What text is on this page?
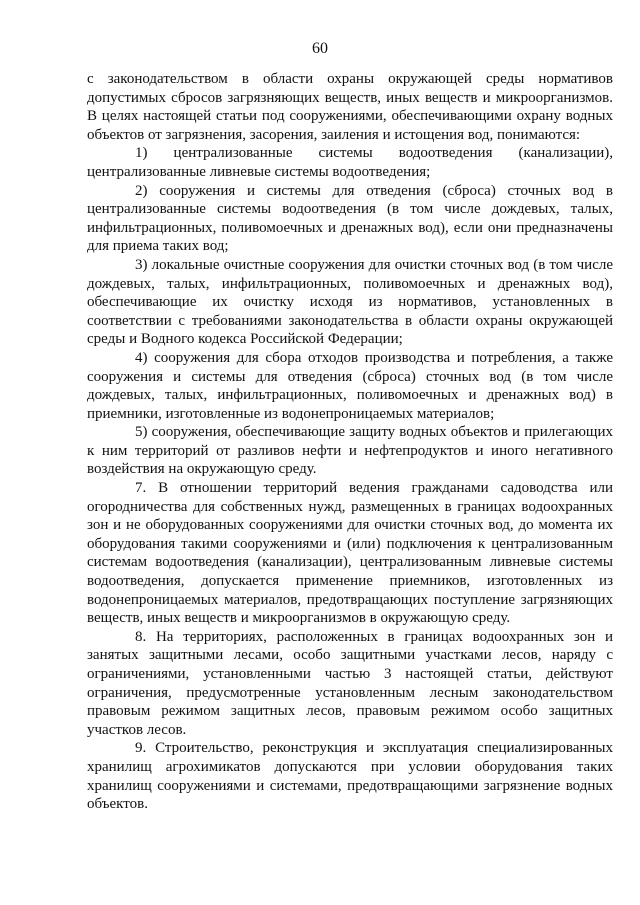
60

с законодательством в области охраны окружающей среды нормативов допустимых сбросов загрязняющих веществ, иных веществ и микроорганизмов. В целях настоящей статьи под сооружениями, обеспечивающими охрану водных объектов от загрязнения, засорения, заиления и истощения вод, понимаются:

1) централизованные системы водоотведения (канализации), централизованные ливневые системы водоотведения;

2) сооружения и системы для отведения (сброса) сточных вод в централизованные системы водоотведения (в том числе дождевых, талых, инфильтрационных, поливомоечных и дренажных вод), если они предназначены для приема таких вод;

3) локальные очистные сооружения для очистки сточных вод (в том числе дождевых, талых, инфильтрационных, поливомоечных и дренажных вод), обеспечивающие их очистку исходя из нормативов, установленных в соответствии с требованиями законодательства в области охраны окружающей среды и Водного кодекса Российской Федерации;

4) сооружения для сбора отходов производства и потребления, а также сооружения и системы для отведения (сброса) сточных вод (в том числе дождевых, талых, инфильтрационных, поливомоечных и дренажных вод) в приемники, изготовленные из водонепроницаемых материалов;

5) сооружения, обеспечивающие защиту водных объектов и прилегающих к ним территорий от разливов нефти и нефтепродуктов и иного негативного воздействия на окружающую среду.

7. В отношении территорий ведения гражданами садоводства или огородничества для собственных нужд, размещенных в границах водоохранных зон и не оборудованных сооружениями для очистки сточных вод, до момента их оборудования такими сооружениями и (или) подключения к централизованным системам водоотведения (канализации), централизованным ливневые системы водоотведения, допускается применение приемников, изготовленных из водонепроницаемых материалов, предотвращающих поступление загрязняющих веществ, иных веществ и микроорганизмов в окружающую среду.

8. На территориях, расположенных в границах водоохранных зон и занятых защитными лесами, особо защитными участками лесов, наряду с ограничениями, установленными частью 3 настоящей статьи, действуют ограничения, предусмотренные установленным лесным законодательством правовым режимом защитных лесов, правовым режимом особо защитных участков лесов.

9. Строительство, реконструкция и эксплуатация специализированных хранилищ агрохимикатов допускаются при условии оборудования таких хранилищ сооружениями и системами, предотвращающими загрязнение водных объектов.
